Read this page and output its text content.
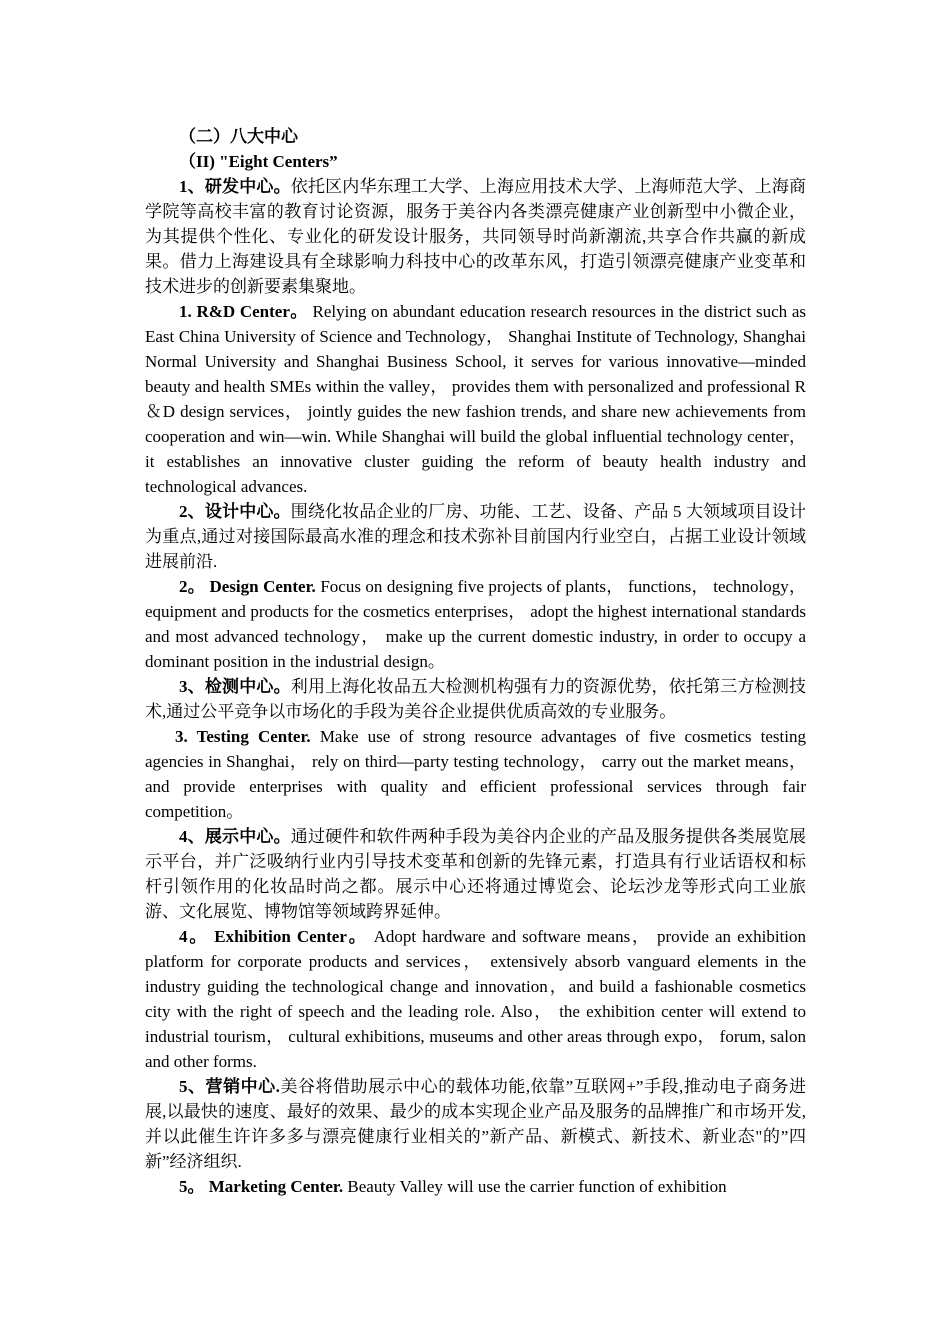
（二）八大中心

（II) "Eight Centers”

1、研发中心。依托区内华东理工大学、上海应用技术大学、上海师范大学、上海商学院等高校丰富的教育讨论资源，服务于美谷内各类漂亮健康产业创新型中小微企业，为其提供个性化、专业化的研发设计服务，共同领导时尚新潮流,共享合作共赢的新成果。借力上海建设具有全球影响力科技中心的改革东风，打造引领漂亮健康产业变革和技术进步的创新要素集聚地。

1. R&D Center。 Relying on abundant education research resources in the district such as East China University of Science and Technology， Shanghai Institute of Technology, Shanghai Normal University and Shanghai Business School, it serves for various innovative—minded beauty and health SMEs within the valley， provides them with personalized and professional R＆D design services， jointly guides the new fashion trends, and share new achievements from cooperation and win—win. While Shanghai will build the global influential technology center， it establishes an innovative cluster guiding the reform of beauty health industry and technological advances.

2、设计中心。围绕化妆品企业的厂房、功能、工艺、设备、产品 5 大领域项目设计为重点,通过对接国际最高水准的理念和技术弥补目前国内行业空白，占据工业设计领域进展前沿.

2。 Design Center. Focus on designing five projects of plants， functions， technology， equipment and products for the cosmetics enterprises， adopt the highest international standards and most advanced technology， make up the current domestic industry, in order to occupy a dominant position in the industrial design。

3、检测中心。利用上海化妆品五大检测机构强有力的资源优势，依托第三方检测技术,通过公平竞争以市场化的手段为美谷企业提供优质高效的专业服务。

3. Testing Center. Make use of strong resource advantages of five cosmetics testing agencies in Shanghai， rely on third—party testing technology， carry out the market means， and provide enterprises with quality and efficient professional services through fair competition。

4、展示中心。通过硬件和软件两种手段为美谷内企业的产品及服务提供各类展览展示平台，并广泛吸纳行业内引导技术变革和创新的先锋元素，打造具有行业话语权和标杆引领作用的化妆品时尚之都。展示中心还将通过博览会、论坛沙龙等形式向工业旅游、文化展览、博物馆等领域跨界延伸。

4。 Exhibition Center。 Adopt hardware and software means， provide an exhibition platform for corporate products and services， extensively absorb vanguard elements in the industry guiding the technological change and innovation，and build a fashionable cosmetics city with the right of speech and the leading role. Also， the exhibition center will extend to industrial tourism， cultural exhibitions, museums and other areas through expo， forum, salon and other forms.

5、营销中心.美谷将借助展示中心的载体功能,依靠”互联网+”手段,推动电子商务进展,以最快的速度、最好的效果、最少的成本实现企业产品及服务的品牌推广和市场开发,并以此催生许许多多与漂亮健康行业相关的”新产品、新模式、新技术、新业态"的”四新”经济组织.

5。 Marketing Center. Beauty Valley will use the carrier function of exhibition
